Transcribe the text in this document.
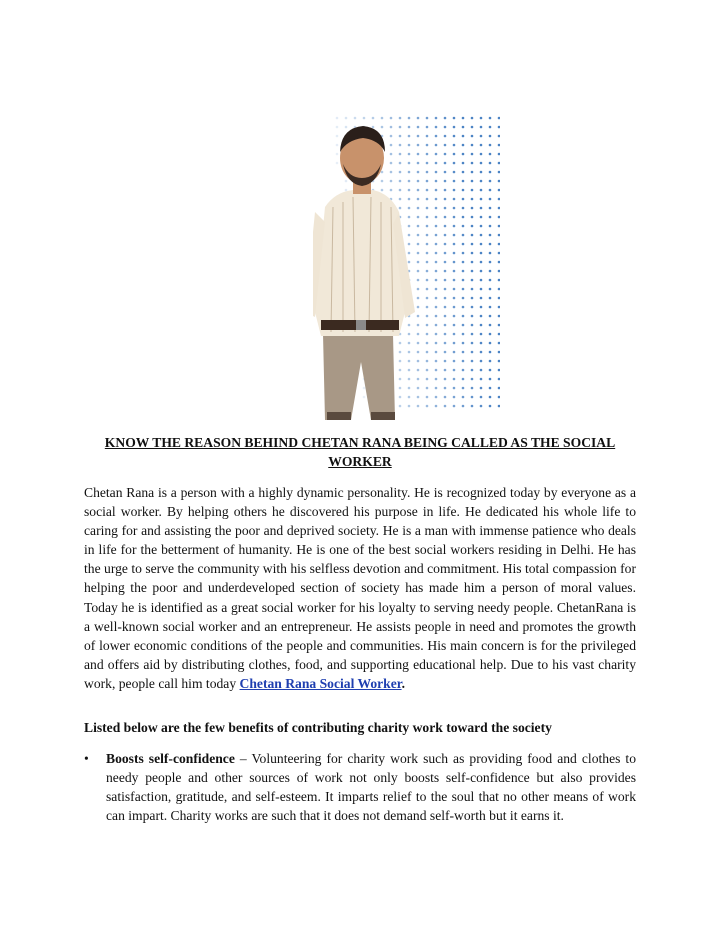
KNOW THE REASON BEHIND CHETAN RANA BEING CALLED AS THE SOCIAL WORKER

Chetan Rana is a person with a highly dynamic personality. He is recognized today by everyone as a social worker. By helping others he discovered his purpose in life. He dedicated his whole life to caring for and assisting the poor and deprived society. He is a man with immense patience who deals in life for the betterment of humanity. He is one of the best social workers residing in Delhi. He has the urge to serve the community with his selfless devotion and commitment. His total compassion for helping the poor and underdeveloped section of society has made him a person of moral values. Today he is identified as a great social worker for his loyalty to serving needy people. ChetanRana is a well-known social worker and an entrepreneur. He assists people in need and promotes the growth of lower economic conditions of the people and communities. His main concern is for the privileged and offers aid by distributing clothes, food, and supporting educational help. Due to his vast charity work, people call him today Chetan Rana Social Worker.

Listed below are the few benefits of contributing charity work toward the society
• Boosts self-confidence – Volunteering for charity work such as providing food and clothes to needy people and other sources of work not only boosts self-confidence but also provides satisfaction, gratitude, and self-esteem. It imparts relief to the soul that no other means of work can impart. Charity works are such that it does not demand self-worth but it earns it.
